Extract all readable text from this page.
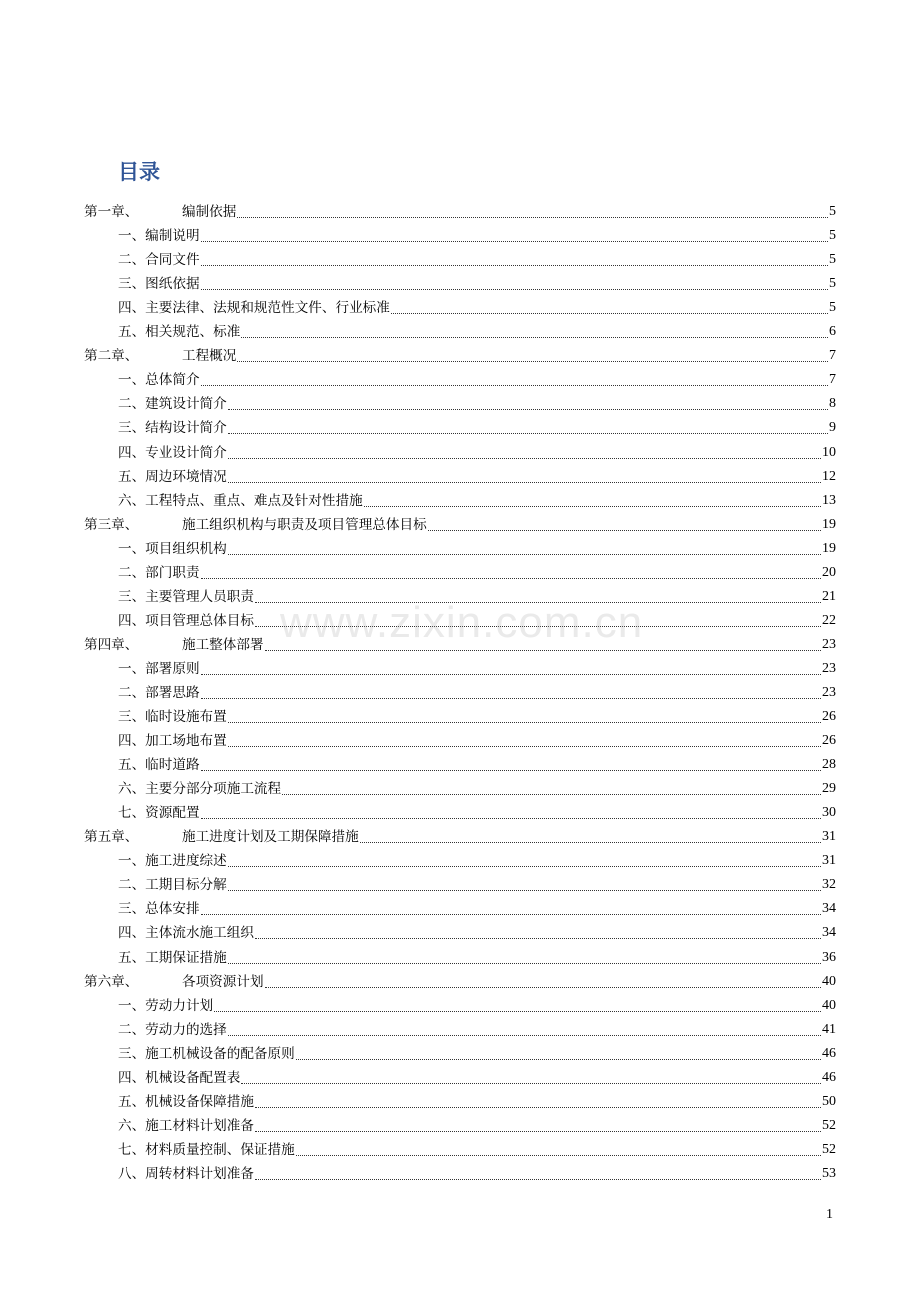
目录
第一章、	编制依据	5
一、编制说明	5
二、合同文件	5
三、图纸依据	5
四、主要法律、法规和规范性文件、行业标准	5
五、相关规范、标准	6
第二章、	工程概况	7
一、总体简介	7
二、建筑设计简介	8
三、结构设计简介	9
四、专业设计简介	10
五、周边环境情况	12
六、工程特点、重点、难点及针对性措施	13
第三章、	施工组织机构与职责及项目管理总体目标	19
一、项目组织机构	19
二、部门职责	20
三、主要管理人员职责	21
四、项目管理总体目标	22
第四章、	施工整体部署	23
一、部署原则	23
二、部署思路	23
三、临时设施布置	26
四、加工场地布置	26
五、临时道路	28
六、主要分部分项施工流程	29
七、资源配置	30
第五章、	施工进度计划及工期保障措施	31
一、施工进度综述	31
二、工期目标分解	32
三、总体安排	34
四、主体流水施工组织	34
五、工期保证措施	36
第六章、	各项资源计划	40
一、劳动力计划	40
二、劳动力的选择	41
三、施工机械设备的配备原则	46
四、机械设备配置表	46
五、机械设备保障措施	50
六、施工材料计划准备	52
七、材料质量控制、保证措施	52
八、周转材料计划准备	53
www.zixin.com.cn
1
